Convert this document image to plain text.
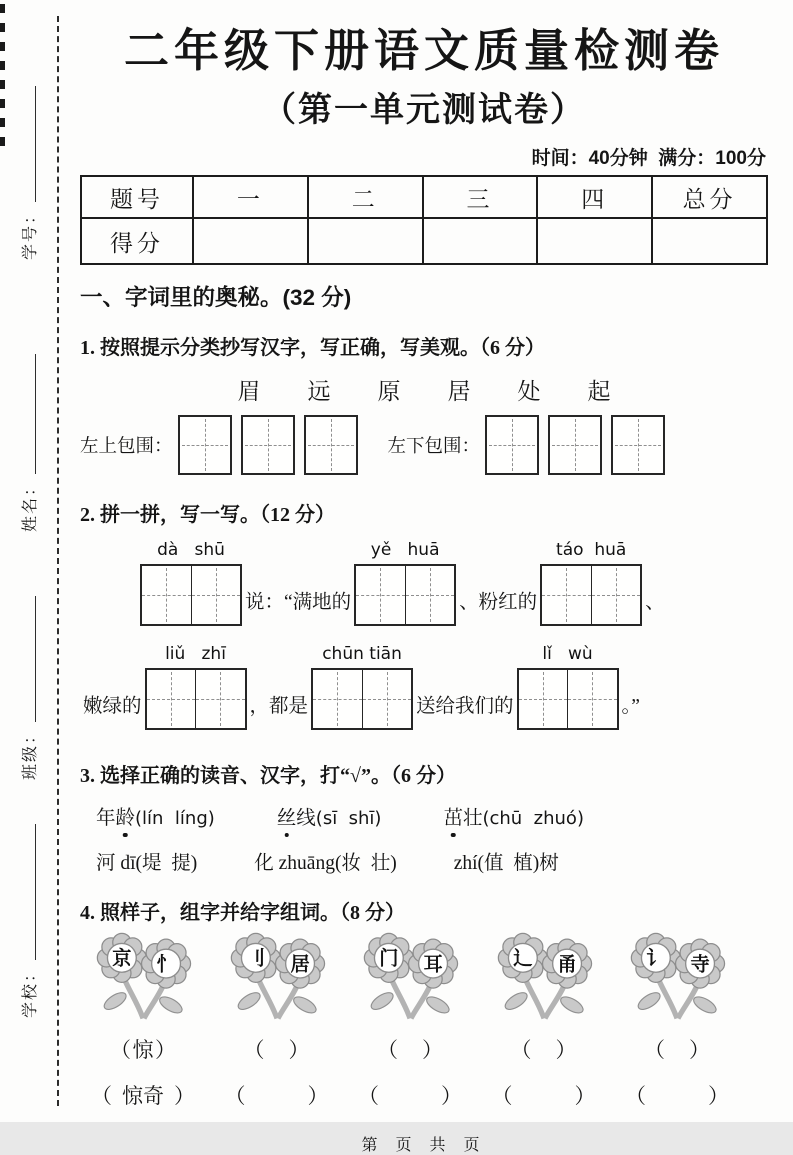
学号：
姓名：
班级：
学校：
二年级下册语文质量检测卷
（第一单元测试卷）
时间：40分钟  满分：100分
题号	一	二	三	四	总分
得分					
一、字词里的奥秘。(32 分)
1. 按照提示分类抄写汉字，写正确，写美观。（6 分）
眉 远 原 居 处 起
左上包围：	左下包围：
2. 拼一拼，写一写。（12 分）
dà   shū
说：“满地的
yě   huā
、粉红的
táo  huā
、
嫩绿的
liǔ   zhī
，都是
chūn tiān
送给我们的
lǐ   wù
。”
3. 选择正确的读音、汉字，打“√”。（6 分）
年龄(lín  líng)	丝线(sī  shī)	茁壮(chū  zhuó)
河 dī(堤  提)	化 zhuāng(妆  壮)	zhí(值  植)树
4. 照样子，组字并给字组词。（8 分）
京 忄
（ 惊 ）
（ 惊奇 ）
刂 居
（ ）
（	）
门 耳
（ ）
（	）
辶 甬
（ ）
（	）
讠 寺
（ ）
（	）
第 页 共 页
